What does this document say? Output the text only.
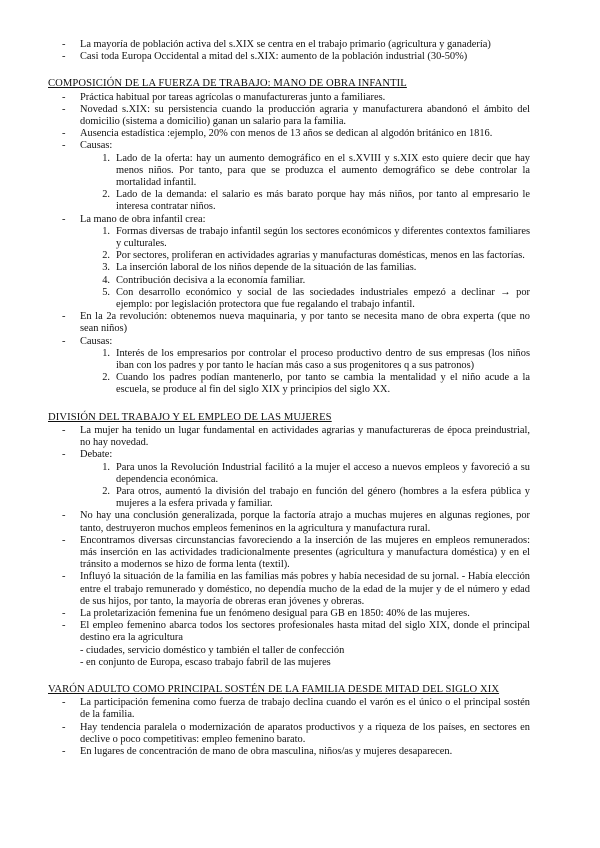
-	La mayoría de población activa del s.XIX se centra en el trabajo primario (agricultura y ganadería)
-	Casi toda Europa Occidental a mitad del s.XIX: aumento de la población industrial (30-50%)
COMPOSICIÓN DE LA FUERZA DE TRABAJO: MANO DE OBRA INFANTIL
-	Práctica habitual por tareas agrícolas o manufactureras junto a familiares.
-	Novedad s.XIX: su persistencia cuando la producción agraria y manufacturera abandonó el ámbito del domicilio (sistema a domicilio) ganan un salario para la familia.
-	Ausencia estadística :ejemplo, 20% con menos de 13 años se dedican al algodón británico en 1816.
-	Causas:
1. Lado de la oferta: hay un aumento demográfico en el s.XVIII y s.XIX esto quiere decir que hay menos niños. Por tanto, para que se produzca el aumento demográfico se debe controlar la mortalidad infantil.
2. Lado de la demanda: el salario es más barato porque hay más niños, por tanto al empresario le interesa contratar niños.
-	La mano de obra infantil crea:
1. Formas diversas de trabajo infantil según los sectores económicos y diferentes contextos familiares y culturales.
2. Por sectores, proliferan en actividades agrarias y manufacturas domésticas, menos en las factorías.
3. La inserción laboral de los niños depende de la situación de las familias.
4. Contribución decisiva a la economía familiar.
5. Con desarrollo económico y social de las sociedades industriales empezó a declinar → por ejemplo: por legislación protectora que fue regalando el trabajo infantil.
-	En la 2a revolución: obtenemos nueva maquinaria, y por tanto se necesita mano de obra experta (que no sean niños)
-	Causas:
1. Interés de los empresarios por controlar el proceso productivo dentro de sus empresas (los niños iban con los padres y por tanto le hacían más caso a sus progenitores q a sus patronos)
2. Cuando los padres podían mantenerlo, por tanto se cambia la mentalidad y el niño acude a la escuela, se produce al fin del siglo XIX y principios del siglo XX.
DIVISIÓN DEL TRABAJO Y EL EMPLEO DE LAS MUJERES
-	La mujer ha tenido un lugar fundamental en actividades agrarias y manufactureras de época preindustrial, no hay novedad.
-	Debate:
1. Para unos la Revolución Industrial facilitó a la mujer el acceso a nuevos empleos y favoreció a su dependencia económica.
2. Para otros, aumentó la división del trabajo en función del género (hombres a la esfera pública y mujeres a la esfera privada y familiar.
-	No hay una conclusión generalizada, porque la factoría atrajo a muchas mujeres en algunas regiones, por tanto, destruyeron muchos empleos femeninos en la agricultura y manufactura rural.
-	Encontramos diversas circunstancias favoreciendo a la inserción de las mujeres en empleos remunerados: más inserción en las actividades tradicionalmente presentes (agricultura y manufactura doméstica) y en el tránsito a modernos se hizo de forma lenta (textil).
-	Influyó la situación de la familia en las familias más pobres y había necesidad de su jornal. - Había elección entre el trabajo remunerado y doméstico, no dependía mucho de la edad de la mujer y de el número y edad de sus hijos, por tanto, la mayoría de obreras eran jóvenes y obreras.
-	La proletarización femenina fue un fenómeno desigual para GB en 1850: 40% de las mujeres.
-	El empleo femenino abarca todos los sectores profesionales hasta mitad del siglo XIX, donde el principal destino era la agricultura
- ciudades, servicio doméstico y también el taller de confección
- en conjunto de Europa, escaso trabajo fabril de las mujeres
VARÓN ADULTO COMO PRINCIPAL SOSTÉN DE LA FAMILIA DESDE MITAD DEL SIGLO XIX
-	La participación femenina como fuerza de trabajo declina cuando el varón es el único o el principal sostén de la familia.
-	Hay tendencia paralela o modernización de aparatos productivos y a riqueza de los países, en sectores en declive o poco competitivas: empleo femenino barato.
-	En lugares de concentración de mano de obra masculina, niños/as y mujeres desaparecen.
